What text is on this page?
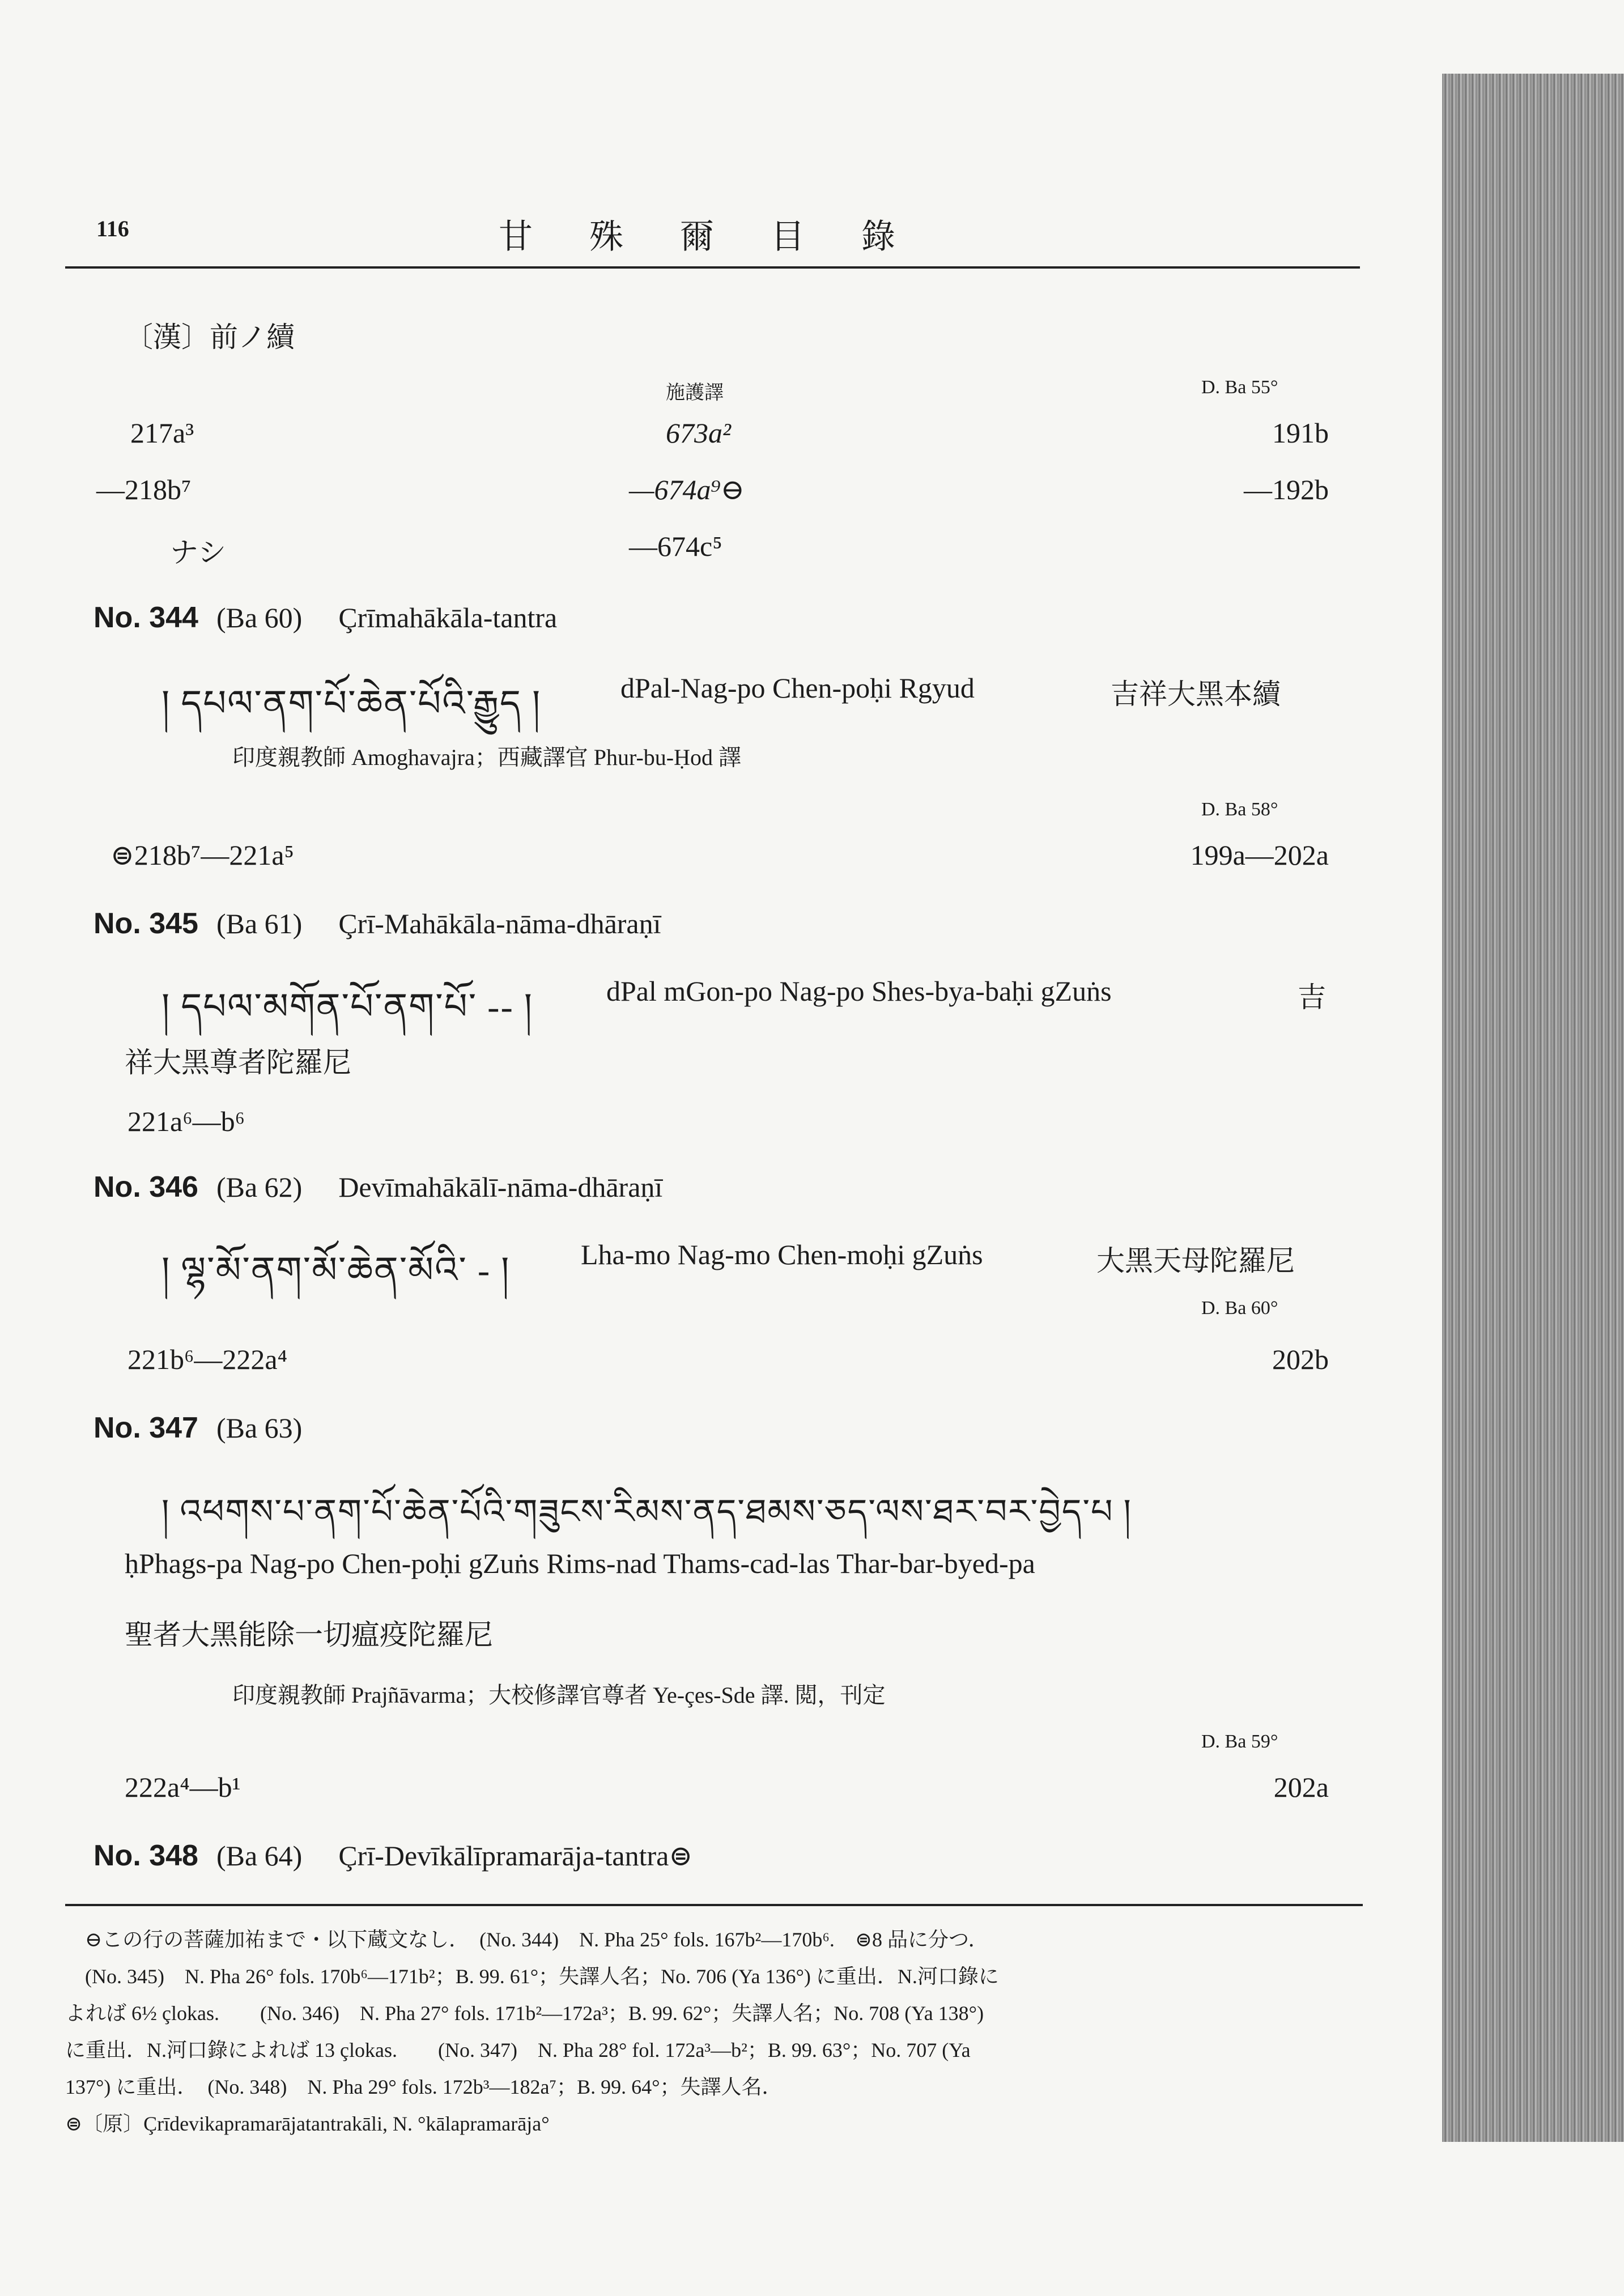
116	甘殊爾目錄
〔漢〕前ノ續
施護譯	D. Ba 55°
217a³	673a²	191b
—218b⁷	—674a⁹⊖	—192b
ナシ	—674c⁵
No. 344 (Ba 60) Çrīmahākāla-tantra
། དཔལ་ནག་པོ་ཆེན་པོའི་རྒྱུད །	dPal-Nag-po Chen-poḥi Rgyud	吉祥大黑本續
印度親教師 Amoghavajra；西藏譯官 Phur-bu-Ḥod 譯
D. Ba 58°
⊜218b⁷—221a⁵	199a—202a
No. 345 (Ba 61) Çrī-Mahākāla-nāma-dhāraṇī
། དཔལ་མགོན་པོ་ནག་པོ་ -- །	dPal mGon-po Nag-po Shes-bya-baḥi gZuṅs	吉
祥大黑尊者陀羅尼
221a⁶—b⁶
No. 346 (Ba 62) Devīmahākālī-nāma-dhāraṇī
། ལྷ་མོ་ནག་མོ་ཆེན་མོའི་ - ། Lha-mo Nag-mo Chen-moḥi gZuṅs	大黑天母陀羅尼
D. Ba 60°
221b⁶—222a⁴	202b
No. 347 (Ba 63)
། འཕགས་པ་ནག་པོ་ཆེན་པོའི་གཟུངས་རིམས་ནད་ཐམས་ཅད་ལས་ཐར་བར་བྱེད་པ །
ḥPhags-pa Nag-po Chen-poḥi gZuṅs Rims-nad Thams-cad-las Thar-bar-byed-pa
聖者大黑能除一切瘟疫陀羅尼
印度親教師 Prajñāvarma；大校修譯官尊者 Ye-çes-Sde 譯. 閲，刊定
D. Ba 59°
222a⁴—b¹	202a
No. 348 (Ba 64) Çrī-Devīkālīpramarāja-tantra⊜
⊖この行の菩薩加祐まで・以下蔵文なし．　(No. 344)　N. Pha 25° fols. 167b²—170b⁶.　⊜8 品に分つ．
(No. 345)　N. Pha 26° fols. 170b⁶—171b²；B. 99. 61°；失譯人名；No. 706 (Ya 136°) に重出．N.河口錄に
よれば 6½ çlokas.　　(No. 346)　N. Pha 27° fols. 171b²—172a³；B. 99. 62°；失譯人名；No. 708 (Ya 138°)
に重出．N.河口錄によれば 13 çlokas.　　(No. 347)　N. Pha 28° fol. 172a³—b²；B. 99. 63°；No. 707 (Ya
137°) に重出．　(No. 348)　N. Pha 29° fols. 172b³—182a⁷；B. 99. 64°；失譯人名．
⊜〔原〕Çrīdevikapramarājatantrakāli, N. °kālapramarāja°
